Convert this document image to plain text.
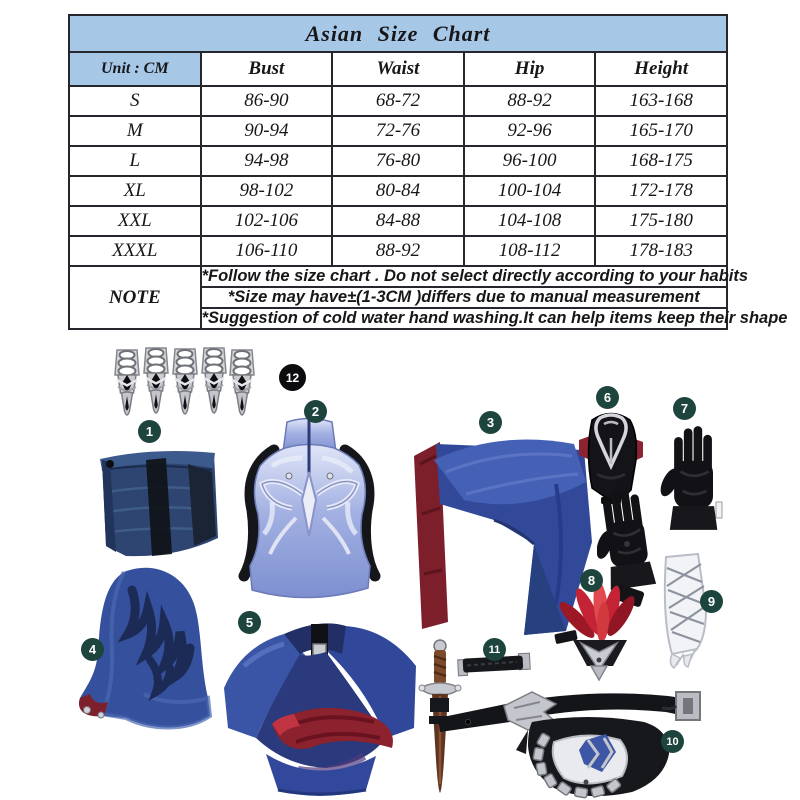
Asian Size Chart				
Unit : CM	Bust	Waist	Hip	Height
S	86-90	68-72	88-92	163-168
M	90-94	72-76	92-96	165-170
L	94-98	76-80	96-100	168-175
XL	98-102	80-84	100-104	172-178
XXL	102-106	84-88	104-108	175-180
XXXL	106-110	88-92	108-112	178-183
NOTE	*Follow the size chart . Do not select directly according to your habits			
	*Size may have±(1-3CM )differs due to manual measurement			
	*Suggestion of cold water hand washing.It can help items keep their shape			
1
2
3
4
5
6
7
8
9
10
11
12
